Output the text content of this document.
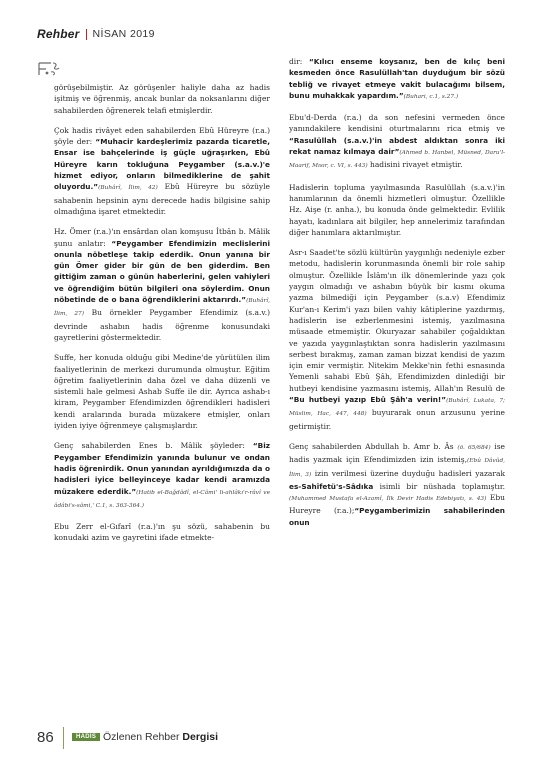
Rehber NİSAN 2019

görüşebilmiştir. Az görüşenler haliyle daha az hadis işitmiş ve öğrenmiş, ancak bunlar da noksanlarını diğer sahabilerden öğrenerek telafi etmişlerdir.

Çok hadis rivâyet eden sahabilerden Ebû Hüreyre (r.a.) şöyle der: “Muhacir kardeşlerimiz pazarda ticaretle, Ensar ise bahçelerinde iş güçle uğraşırken, Ebû Hüreyre karın tokluğuna Peygamber (s.a.v.)'e hizmet ediyor, onların bilmediklerine de şahit oluyordu.”(Buhârî, İlim, 42) Ebû Hüreyre bu sözüyle sahabenin hepsinin aynı derecede hadis bilgisine sahip olmadığına işaret etmektedir.

Hz. Ömer (r.a.)'ın ensârdan olan komşusu İtbân b. Mâlik şunu anlatır: “Peygamber Efendimizin meclislerini onunla nöbetleşe takip ederdik. Onun yanına bir gün Ömer gider bir gün de ben giderdim. Ben gittiğim zaman o günün haberlerini, gelen vahiyleri ve öğrendiğim bütün bilgileri ona söylerdim. Onun nöbetinde de o bana öğrendiklerini aktarırdı.”(Buhârî, İlim, 27) Bu örnekler Peygamber Efendimiz (s.a.v.) devrinde ashabın hadis öğrenme konusundaki gayretlerini göstermektedir.

Suffe, her konuda olduğu gibi Medine'de yürütülen ilim faaliyetlerinin de merkezi durumunda olmuştur. Eğitim öğretim faaliyetlerinin daha özel ve daha düzenli ve sistemli hale gelmesi Ashab Suffe ile dir. Ayrıca ashab-ı kiram, Peygamber Efendimizden öğrendikleri hadisleri kendi aralarında burada müzakere etmişler, onları iyiden iyiye öğrenmeye çalışmışlardır.

Genç sahabilerden Enes b. Mâlik şöyleder: “Biz Peygamber Efendimizin yanında bulunur ve ondan hadis öğrenirdik. Onun yanından ayrıldığımızda da o hadisleri iyice belleyinceye kadar kendi aramızda müzakere ederdik.”(Hatib el-Bağdâdî, el-Câmi' li-ahlâkı'r-râvî ve âdâbi's-sâmi,' C.1, s. 363-364.)

Ebu Zerr el-Gıfarî (r.a.)'ın şu sözü, sahabenin bu konudaki azim ve gayretini ifade etmekte-

dir: “Kılıcı enseme koysanız, ben de kılıç beni kesmeden önce Rasulüllah'tan duyduğum bir sözü tebliğ ve rivayet etmeye vakit bulacağımı bilsem, bunu muhakkak yapardım.”(Buhari, c.1, s.27.)

Ebu'd-Derda (r.a.) da son nefesini vermeden önce yanındakilere kendisini oturtmalarını rica etmiş ve “Rasulüllah (s.a.v.)'in abdest aldıktan sonra iki rekat namaz kılmaya dair”(Ahmed b. Hanbel, Müsned, Daru'l-Maarif, Mısır, c. VI, s. 443) hadisini rivayet etmiştir.

Hadislerin topluma yayılmasında Rasulüllah (s.a.v.)'in hanımlarının da önemli hizmetleri olmuştur. Özellikle Hz. Aişe (r. anha.), bu konuda önde gelmektedir. Evlilik hayatı, kadınlara ait bilgiler, hep annelerimiz tarafından diğer hanımlara aktarılmıştır.

Asr-ı Saadet'te sözlü kültürün yaygınlığı nedeniyle ezber metodu, hadislerin korunmasında önemli bir role sahip olmuştur. Özellikle İslâm'ın ilk dönemlerinde yazı çok yaygın olmadığı ve ashabın büyük bir kısmı okuma yazma bilmediği için Peygamber (s.a.v) Efendimiz Kur'an-ı Kerim'i yazı bilen vahiy kâtiplerine yazdırmış, hadislerin ise ezberlenmesini istemiş, yazılmasına müsaade etmemiştir. Okuryazar sahabiler çoğaldıktan ve yazıda yaygınlaştıktan sonra hadislerin yazılmasını serbest bırakmış, zaman zaman bizzat kendisi de yazım için emir vermiştir. Nitekim Mekke'nin fethi esnasında Yemenli sahabi Ebû Şâh, Efendimizden dinlediği bir hutbeyi kendisine yazmasını istemiş, Allah'ın Resulü de “Bu hutbeyi yazıp Ebû Şâh'a verin!”(Buhârî, Lukata, 7; Müslim, Hac, 447, 448) buyurarak onun arzusunu yerine getirmiştir.

Genç sahabilerden Abdullah b. Amr b. Âs (ö. 65/684) ise hadis yazmak için Efendimizden izin istemiş,(Ebû Dâvûd, İlim, 3) izin verilmesi üzerine duyduğu hadisleri yazarak es-Sahîfetü's-Sâdıka isimli bir nüshada toplamıştır. (Muhammed Mustafa el-Azamî, İlk Devir Hadis Edebiyatı, s. 43) Ebu Hureyre (r.a.);“Peygamberimizin sahabilerinden onun

86	HADİS Özlenen Rehber Dergisi
